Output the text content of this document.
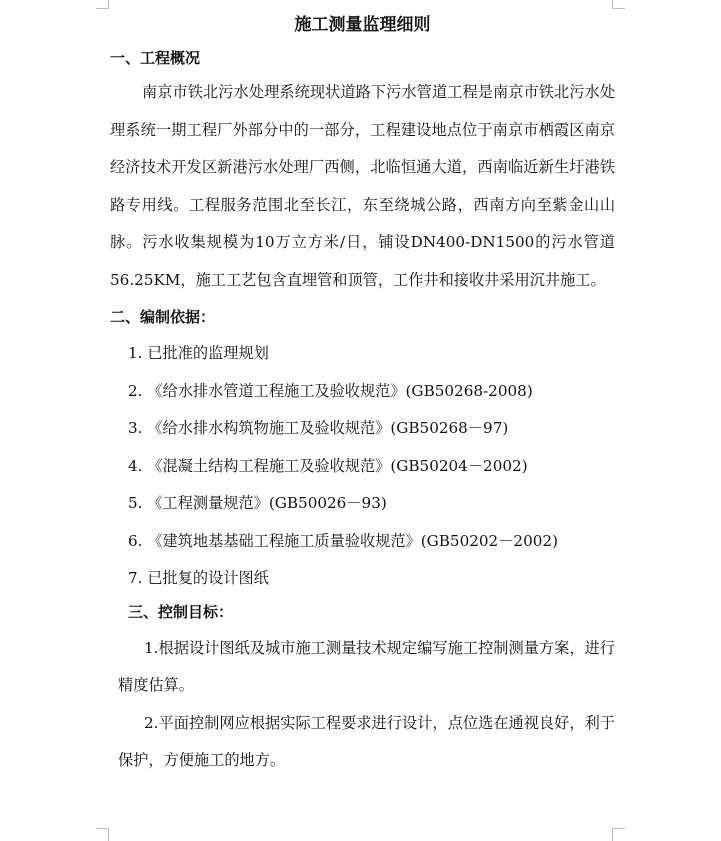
施工测量监理细则
一、工程概况

南京市铁北污水处理系统现状道路下污水管道工程是南京市铁北污水处理系统一期工程厂外部分中的一部分，工程建设地点位于南京市栖霞区南京经济技术开发区新港污水处理厂西侧，北临恒通大道，西南临近新生圩港铁路专用线。工程服务范围北至长江，东至绕城公路，西南方向至紫金山山脉。污水收集规模为10万立方米/日，铺设DN400-DN1500的污水管道56.25KM，施工工艺包含直埋管和顶管，工作井和接收井采用沉井施工。

二、编制依据：
1. 已批准的监理规划
2. 《给水排水管道工程施工及验收规范》(GB50268-2008)
3. 《给水排水构筑物施工及验收规范》(GB50268－97)
4. 《混凝土结构工程施工及验收规范》(GB50204－2002)
5. 《工程测量规范》(GB50026－93)
6. 《建筑地基基础工程施工质量验收规范》(GB50202－2002)
7. 已批复的设计图纸
三、控制目标：

1.根据设计图纸及城市施工测量技术规定编写施工控制测量方案，进行精度估算。

2.平面控制网应根据实际工程要求进行设计，点位选在通视良好，利于保护，方便施工的地方。
